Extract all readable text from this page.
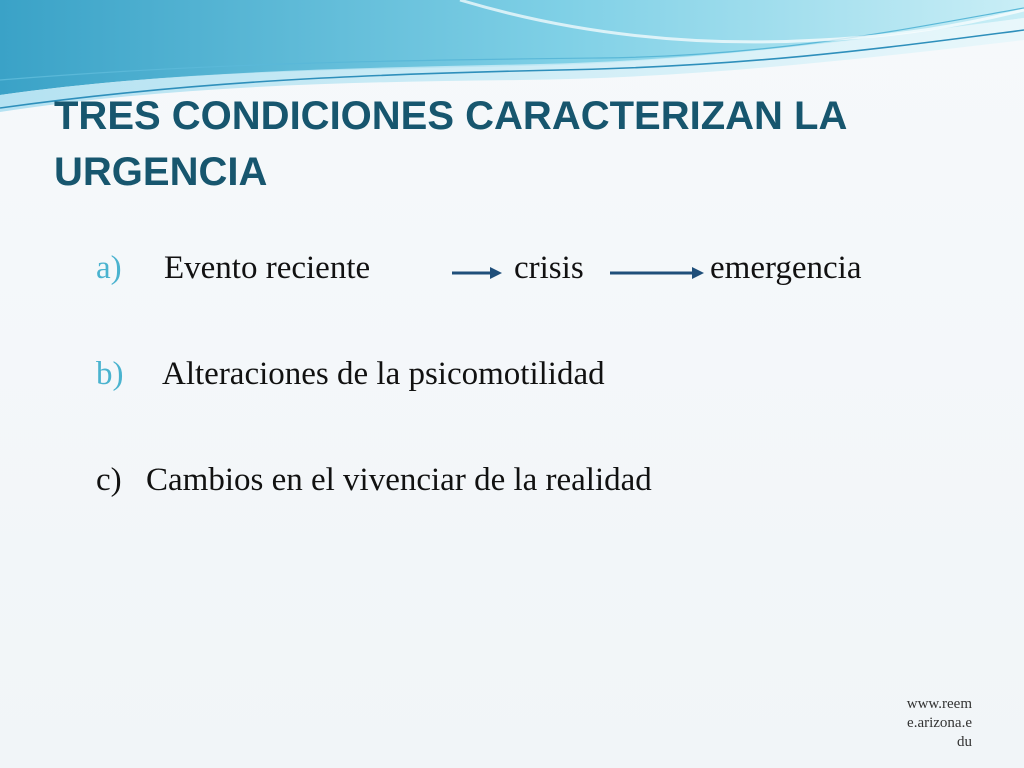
TRES CONDICIONES CARACTERIZAN LA URGENCIA
a) Evento reciente	crisis	emergencia
b) Alteraciones de la psicomotilidad
c) Cambios en el vivenciar de la realidad
www.reem
e.arizona.e
du
